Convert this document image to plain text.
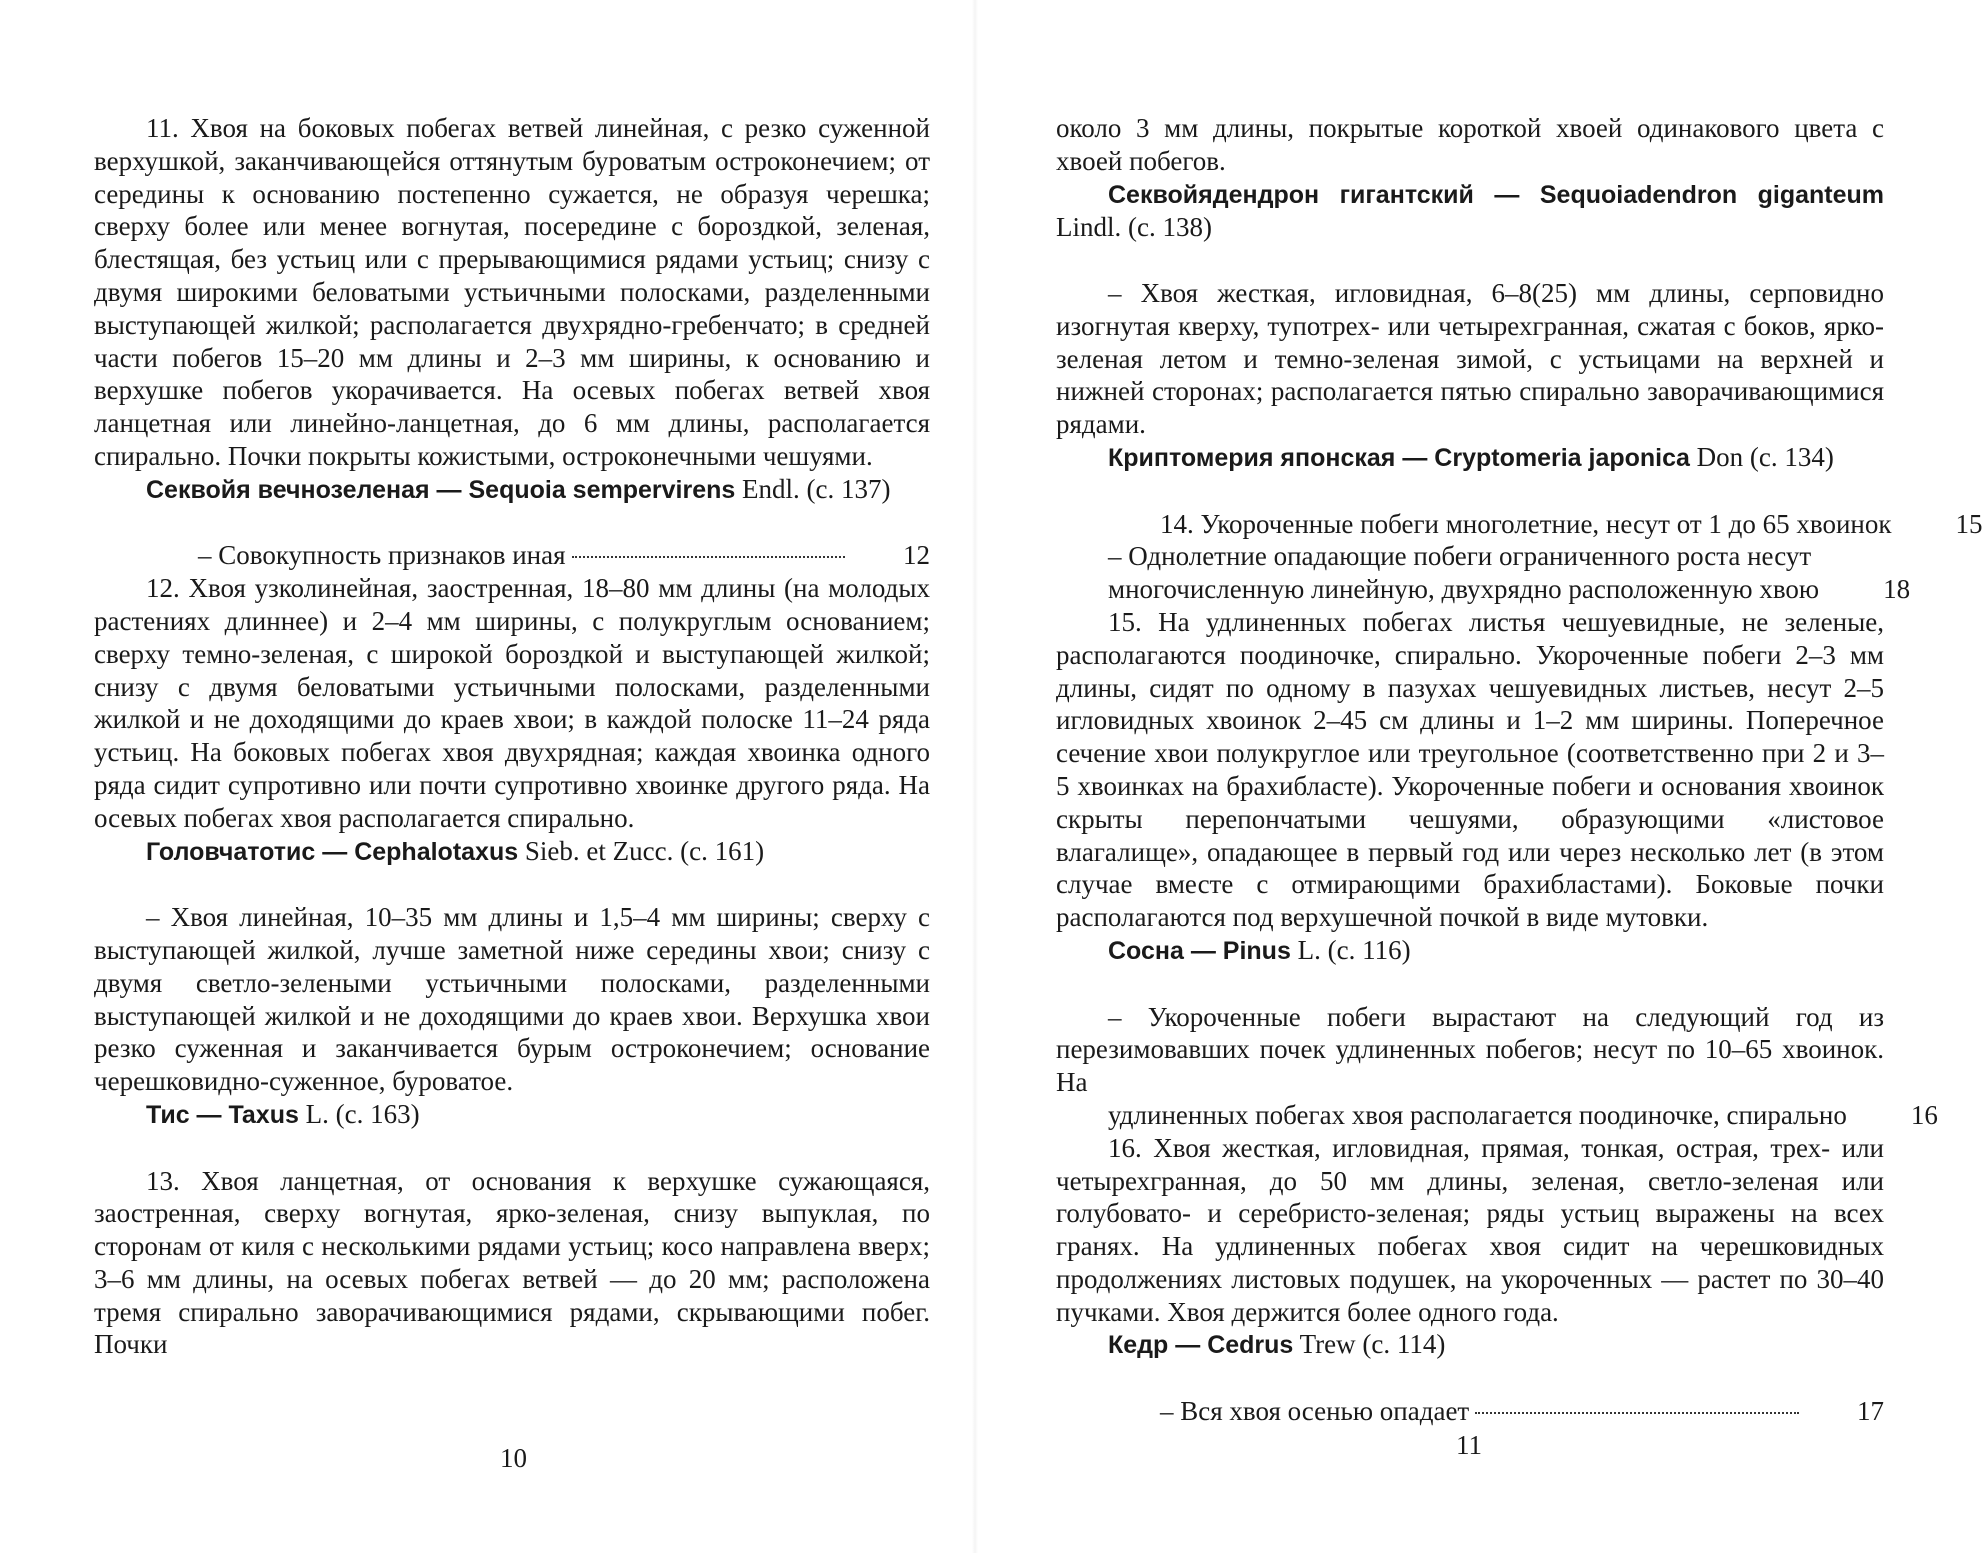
11. Хвоя на боковых побегах ветвей линейная, с резко суженной верхушкой, заканчивающейся оттянутым буроватым остроконечием; от середины к основанию постепенно сужается, не образуя черешка; сверху более или менее вогнутая, посередине с бороздкой, зеленая, блестящая, без устьиц или с прерывающимися рядами устьиц; снизу с двумя широкими беловатыми устьичными полосками, разделенными выступающей жилкой; располагается двухрядно-гребенчато; в средней части побегов 15–20 мм длины и 2–3 мм ширины, к основанию и верхушке побегов укорачивается. На осевых побегах ветвей хвоя ланцетная или линейно-ланцетная, до 6 мм длины, располагается спирально. Почки покрыты кожистыми, остроконечными чешуями.

Секвойя вечнозеленая — Sequoia sempervirens Endl. (с. 137)

– Совокупность признаков иная	12

12. Хвоя узколинейная, заостренная, 18–80 мм длины (на молодых растениях длиннее) и 2–4 мм ширины, с полукруглым основанием; сверху темно-зеленая, с широкой бороздкой и выступающей жилкой; снизу с двумя беловатыми устьичными полосками, разделенными жилкой и не доходящими до краев хвои; в каждой полоске 11–24 ряда устьиц. На боковых побегах хвоя двухрядная; каждая хвоинка одного ряда сидит супротивно или почти супротивно хвоинке другого ряда. На осевых побегах хвоя располагается спирально.

Головчатотис — Cephalotaxus Sieb. et Zucc. (с. 161)

– Хвоя линейная, 10–35 мм длины и 1,5–4 мм ширины; сверху с выступающей жилкой, лучше заметной ниже середины хвои; снизу с двумя светло-зелеными устьичными полосками, разделенными выступающей жилкой и не доходящими до краев хвои. Верхушка хвои резко суженная и заканчивается бурым остроконечием; основание черешковидно-суженное, буроватое.

Тис — Taxus L. (с. 163)

13. Хвоя ланцетная, от основания к верхушке сужающаяся, заостренная, сверху вогнутая, ярко-зеленая, снизу выпуклая, по сторонам от киля с несколькими рядами устьиц; косо направлена вверх; 3–6 мм длины, на осевых побегах ветвей — до 20 мм; расположена тремя спирально заворачивающимися рядами, скрывающими побег. Почки

10

около 3 мм длины, покрытые короткой хвоей одинакового цвета с хвоей побегов.

Секвойядендрон гигантский — Sequoiadendron giganteum Lindl. (с. 138)

– Хвоя жесткая, игловидная, 6–8(25) мм длины, серповидно изогнутая кверху, тупотрех- или четырехгранная, сжатая с боков, ярко-зеленая летом и темно-зеленая зимой, с устьицами на верхней и нижней сторонах; располагается пятью спирально заворачивающимися рядами.

Криптомерия японская — Cryptomeria japonica Don (с. 134)

14. Укороченные побеги многолетние, несут от 1 до 65 хвоинок	15

– Однолетние опадающие побеги ограниченного роста несут

многочисленную линейную, двухрядно расположенную хвою	18

15. На удлиненных побегах листья чешуевидные, не зеленые, располагаются поодиночке, спирально. Укороченные побеги 2–3 мм длины, сидят по одному в пазухах чешуевидных листьев, несут 2–5 игловидных хвоинок 2–45 см длины и 1–2 мм ширины. Поперечное сечение хвои полукруглое или треугольное (соответственно при 2 и 3–5 хвоинках на брахибласте). Укороченные побеги и основания хвоинок скрыты перепончатыми чешуями, образующими «листовое влагалище», опадающее в первый год или через несколько лет (в этом случае вместе с отмирающими брахибластами). Боковые почки располагаются под верхушечной почкой в виде мутовки.

Сосна — Pinus L. (с. 116)

– Укороченные побеги вырастают на следующий год из перезимовавших почек удлиненных побегов; несут по 10–65 хвоинок. На

удлиненных побегах хвоя располагается поодиночке, спирально	16

16. Хвоя жесткая, игловидная, прямая, тонкая, острая, трех- или четырехгранная, до 50 мм длины, зеленая, светло-зеленая или голубовато- и серебристо-зеленая; ряды устьиц выражены на всех гранях. На удлиненных побегах хвоя сидит на черешковидных продолжениях листовых подушек, на укороченных — растет по 30–40 пучками. Хвоя держится более одного года.

Кедр — Cedrus Trew (с. 114)

– Вся хвоя осенью опадает	17

11
